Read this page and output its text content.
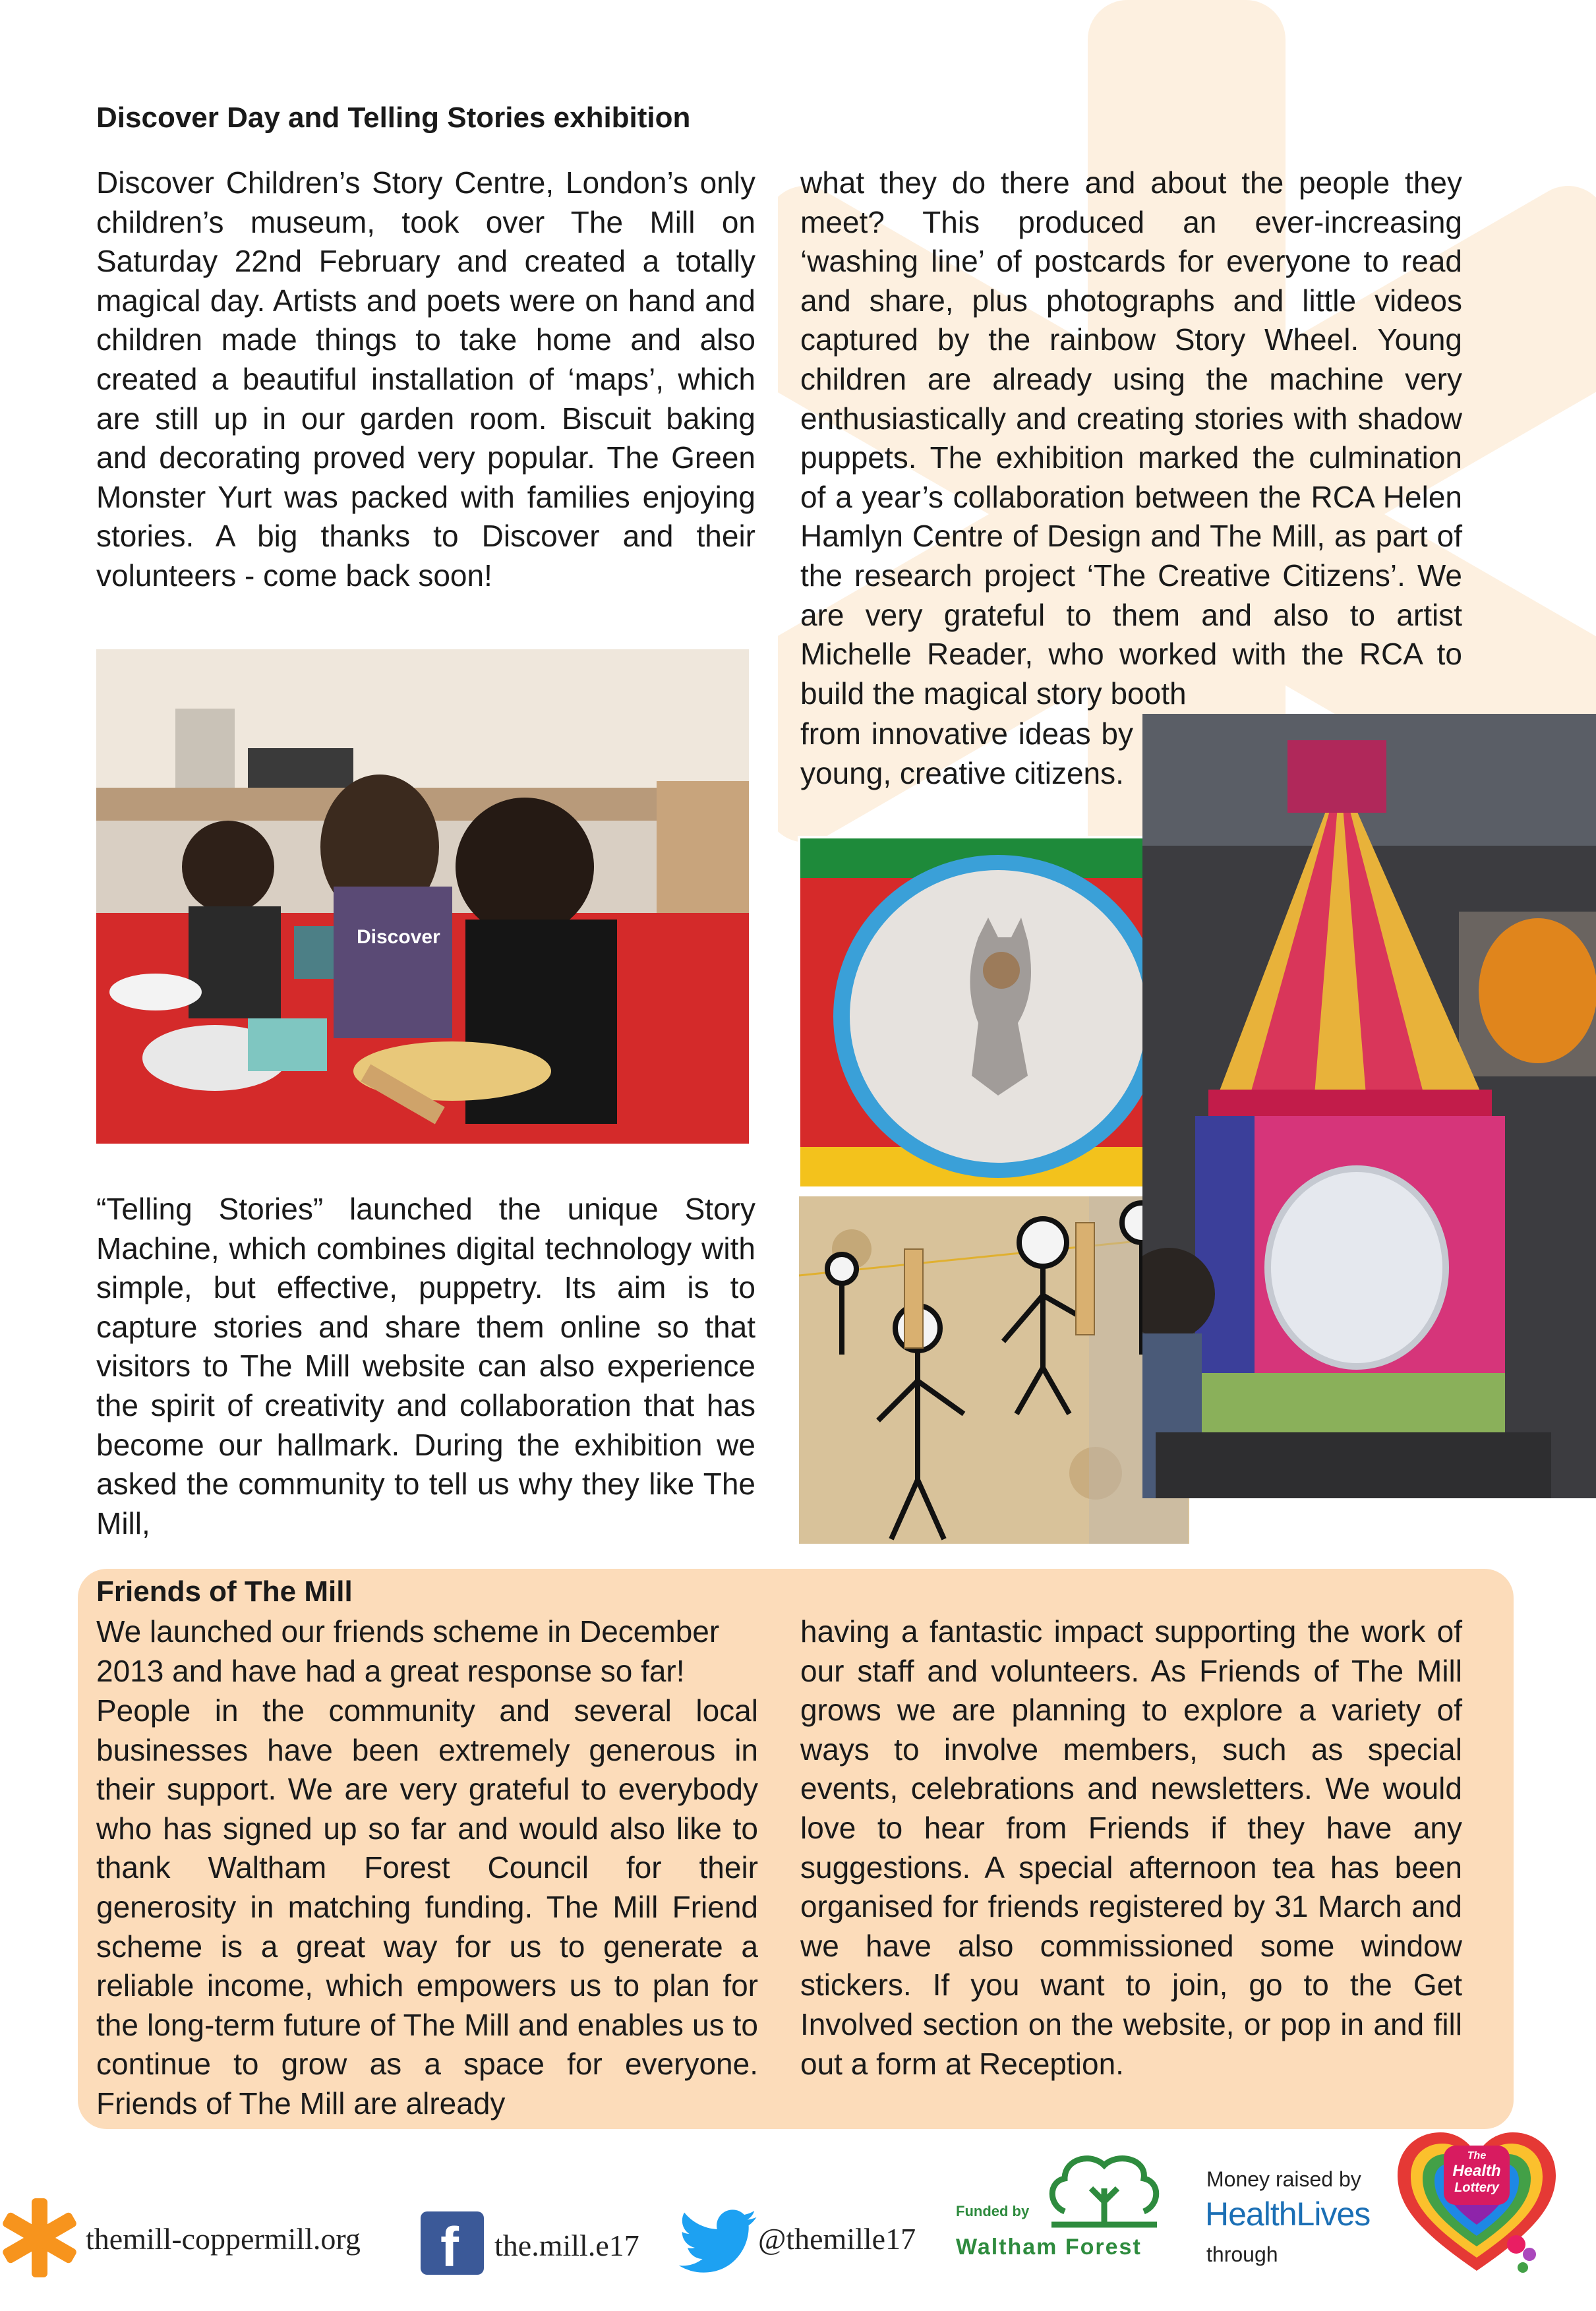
Discover Day and Telling Stories exhibition
Discover Children’s Story Centre, London’s only children’s museum, took over The Mill on Saturday 22nd February and created a totally magical day. Artists and poets were on hand and children made things to take home and also created a beautiful installation of ‘maps’, which are still up in our garden room. Biscuit baking and decorating proved very popular. The Green Monster Yurt was packed with families enjoying stories. A big thanks to Discover and their volunteers - come back soon!
Discover
“Telling Stories” launched the unique Story Machine, which combines digital technology with simple, but effective, puppetry. Its aim is to capture stories and share them online so that visitors to The Mill website can also experience the spirit of creativity and collaboration that has become our hallmark. During the exhibition we asked the community to tell us why they like The Mill,
what they do there and about the people they meet? This produced an ever-increasing ‘washing line’ of postcards for everyone to read and share, plus photographs and little videos captured by the rainbow Story Wheel. Young children are already using the machine very enthusiastically and creating stories with shadow puppets. The exhibition marked the culmination of a year’s collaboration between the RCA Helen Hamlyn Centre of Design and The Mill, as part of the research project ‘The Creative Citizens’. We are very grateful to them and also to artist Michelle Reader, who worked with the RCA to build the magical story booth
from innovative ideas by young, creative citizens.
Friends of The Mill
We launched our friends scheme in December 2013 and have had a great response so far!
People in the community and several local businesses have been extremely generous in their support. We are very grateful to everybody who has signed up so far and would also like to thank Waltham Forest Council for their generosity in matching funding. The Mill Friend scheme is a great way for us to generate a reliable income, which empowers us to plan for the long-term future of The Mill and enables us to continue to grow as a space for everyone. Friends of The Mill are already
having a fantastic impact supporting the work of our staff and volunteers. As Friends of The Mill grows we are planning to explore a variety of ways to involve members, such as special events, celebrations and newsletters. We would love to hear from Friends if they have any suggestions. A special afternoon tea has been organised for friends registered by 31 March and we have also commissioned some window stickers. If you want to join, go to the Get Involved section on the website, or pop in and fill out a form at Reception.
themill-coppermill.org f the.mill.e17	@themille17
Funded by
Waltham Forest
Money raised by
HealthLives
through
The
Health
Lottery
